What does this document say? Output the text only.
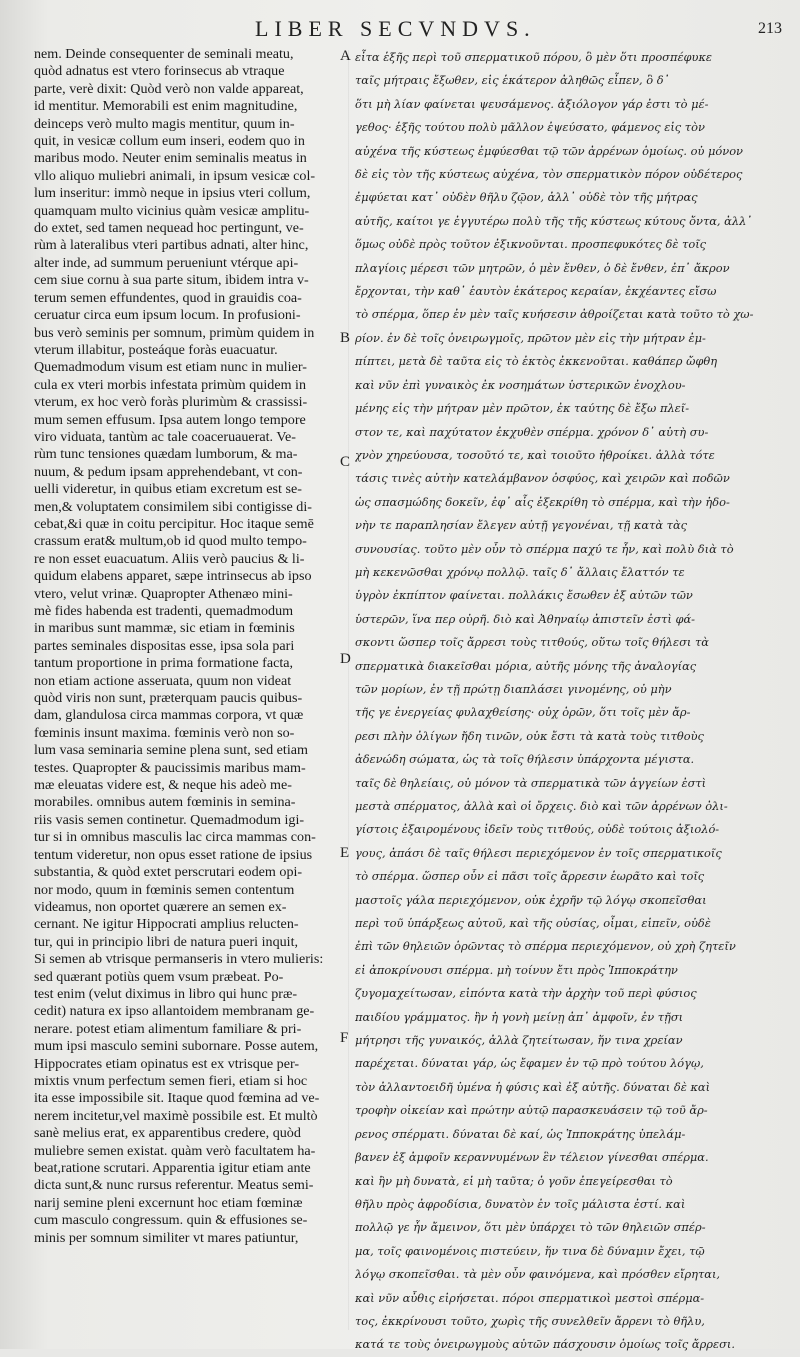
LIBER SECVNDVS.	213
nem. Deinde consequenter de seminali meatu,
quòd adnatus est vtero forinsecus ab vtraque
parte, verè dixit: Quòd verò non valde appareat,
id mentitur. Memorabili est enim magnitudine,
deinceps verò multo magis mentitur, quum in-
quit, in vesicæ collum eum inseri, eodem quo in
maribus modo. Neuter enim seminalis meatus in
vllo aliquo muliebri animali, in ipsum vesicæ col-
lum inseritur: immò neque in ipsius vteri collum,
quamquam multo vicinius quàm vesicæ amplitu-
do extet, sed tamen nequead hoc pertingunt, ve-
rùm à lateralibus vteri partibus adnati, alter hinc,
alter inde, ad summum perueniunt vtérque api-
cem siue cornu à sua parte situm, ibidem intra v-
terum semen effundentes, quod in grauidis coa-
ceruatur circa eum ipsum locum. In profusioni-
bus verò seminis per somnum, primùm quidem in
vterum illabitur, posteáque foràs euacuatur.
Quemadmodum visum est etiam nunc in mulier-
cula ex vteri morbis infestata primùm quidem in
vterum, ex hoc verò foràs plurimùm & crassissi-
mum semen effusum. Ipsa autem longo tempore
viro viduata, tantùm ac tale coaceruauerat. Ve-
rùm tunc tensiones quædam lumborum, & ma-
nuum, & pedum ipsam apprehendebant, vt con-
uelli videretur, in quibus etiam excretum est se-
men,& voluptatem consimilem sibi contigisse di-
cebat,&i quæ in coitu percipitur. Hoc itaque semē
crassum erat& multum,ob id quod multo tempo-
re non esset euacuatum. Aliis verò paucius & li-
quidum elabens apparet, sæpe intrinsecus ab ipso
vtero, velut vrinæ. Quapropter Athenæo mini-
mè fides habenda est tradenti, quemadmodum
in maribus sunt mammæ, sic etiam in fœminis
partes seminales dispositas esse, ipsa sola pari
tantum proportione in prima formatione facta,
non etiam actione asseruata, quum non videat
quòd viris non sunt, præterquam paucis quibus-
dam, glandulosa circa mammas corpora, vt quæ
fœminis insunt maxima. fœminis verò non so-
lum vasa seminaria semine plena sunt, sed etiam
testes. Quapropter & paucissimis maribus mam-
mæ eleuatas videre est, & neque his adeò me-
morabiles. omnibus autem fœminis in semina-
riis vasis semen continetur. Quemadmodum igi-
tur si in omnibus masculis lac circa mammas con-
tentum videretur, non opus esset ratione de ipsius
substantia, & quòd extet perscrutari eodem opi-
nor modo, quum in fœminis semen contentum
videamus, non oportet quærere an semen ex-
cernant. Ne igitur Hippocrati amplius relucten-
tur, qui in principio libri de natura pueri inquit,
Si semen ab vtrisque permanseris in vtero mulieris:
sed quærant potiùs quem vsum præbeat. Po-
test enim (velut diximus in libro qui hunc præ-
cedit) natura ex ipso allantoidem membranam ge-
nerare. potest etiam alimentum familiare & pri-
mum ipsi masculo semini subornare. Posse autem,
Hippocrates etiam opinatus est ex vtrisque per-
mixtis vnum perfectum semen fieri, etiam si hoc
ita esse impossibile sit. Itaque quod fœmina ad ve-
nerem incitetur,vel maximè possibile est. Et multò
sanè melius erat, ex apparentibus credere, quòd
muliebre semen existat. quàm verò facultatem ha-
beat,ratione scrutari. Apparentia igitur etiam ante
dicta sunt,& nunc rursus referentur. Meatus semi-
narij semine pleni excernunt hoc etiam fœminæ
cum masculo congressum. quin & effusiones se-
minis per somnum similiter vt mares patiuntur,
A
B
C
D
E
F
εἶτα ἑξῆς περὶ τοῦ σπερματικοῦ πόρου, ὃ μὲν ὅτι προσπέφυκε
ταῖς μήτραις ἔξωθεν, εἰς ἑκάτερον ἀληθῶς εἶπεν, ὃ δ᾿
ὅτι μὴ λίαν φαίνεται ψευσάμενος. ἀξιόλογον γάρ ἐστι τὸ μέ-
γεθος· ἑξῆς τούτου πολὺ μᾶλλον ἐψεύσατο, φάμενος εἰς τὸν
αὐχένα τῆς κύστεως ἐμφύεσθαι τῷ τῶν ἀρρένων ὁμοίως. οὐ μόνον
δὲ εἰς τὸν τῆς κύστεως αὐχένα, τὸν σπερματικὸν πόρον οὐδέτερος
ἐμφύεται κατ᾿ οὐδὲν θῆλυ ζῷον, ἀλλ᾿ οὐδὲ τὸν τῆς μήτρας
αὐτῆς, καίτοι γε ἐγγυτέρω πολὺ τῆς τῆς κύστεως κύτους ὄντα, ἀλλ᾿
ὅμως οὐδὲ πρὸς τοῦτον ἐξικνοῦνται. προσπεφυκότες δὲ τοῖς
πλαγίοις μέρεσι τῶν μητρῶν, ὁ μὲν ἔνθεν, ὁ δὲ ἔνθεν, ἐπ᾿ ἄκρον
ἔρχονται, τὴν καθ᾿ ἑαυτὸν ἑκάτερος κεραίαν, ἐκχέαντες εἴσω
τὸ σπέρμα, ὅπερ ἐν μὲν ταῖς κυήσεσιν ἀθροίζεται κατὰ τοῦτο τὸ χω-
ρίον. ἐν δὲ τοῖς ὀνειρωγμοῖς, πρῶτον μὲν εἰς τὴν μήτραν ἐμ-
πίπτει, μετὰ δὲ ταῦτα εἰς τὸ ἐκτὸς ἐκκενοῦται. καθάπερ ὤφθη
καὶ νῦν ἐπὶ γυναικὸς ἐκ νοσημάτων ὑστερικῶν ἐνοχλου-
μένης εἰς τὴν μήτραν μὲν πρῶτον, ἐκ ταύτης δὲ ἔξω πλεῖ-
στον τε, καὶ παχύτατον ἐκχυθὲν σπέρμα. χρόνον δ᾿ αὐτὴ συ-
χνὸν χηρεύουσα, τοσοῦτό τε, καὶ τοιοῦτο ἠθροίκει. ἀλλὰ τότε
τάσις τινὲς αὐτὴν κατελάμβανον ὀσφύος, καὶ χειρῶν καὶ ποδῶν
ὡς σπασμώδης δοκεῖν, ἐφ᾿ αἷς ἐξεκρίθη τὸ σπέρμα, καὶ τὴν ἡδο-
νὴν τε παραπλησίαν ἔλεγεν αὐτῇ γεγονέναι, τῇ κατὰ τὰς
συνουσίας. τοῦτο μὲν οὖν τὸ σπέρμα παχύ τε ἦν, καὶ πολὺ διὰ τὸ
μὴ κεκενῶσθαι χρόνῳ πολλῷ. ταῖς δ᾿ ἄλλαις ἔλαττόν τε
ὑγρὸν ἐκπίπτον φαίνεται. πολλάκις ἔσωθεν ἐξ αὐτῶν τῶν
ὑστερῶν, ἵνα περ οὐρῆ. διὸ καὶ Ἀθηναίῳ ἀπιστεῖν ἐστὶ φά-
σκοντι ὥσπερ τοῖς ἄρρεσι τοὺς τιτθούς, οὕτω τοῖς θήλεσι τὰ
σπερματικὰ διακεῖσθαι μόρια, αὐτῆς μόνης τῆς ἀναλογίας
τῶν μορίων, ἐν τῇ πρώτῃ διαπλάσει γινομένης, οὐ μὴν
τῆς γε ἐνεργείας φυλαχθείσης· οὐχ ὁρῶν, ὅτι τοῖς μὲν ἄρ-
ρεσι πλὴν ὀλίγων ἤδη τινῶν, οὐκ ἔστι τὰ κατὰ τοὺς τιτθοὺς
ἀδενώδη σώματα, ὡς τὰ τοῖς θήλεσιν ὑπάρχοντα μέγιστα.
ταῖς δὲ θηλείαις, οὐ μόνον τὰ σπερματικὰ τῶν ἀγγείων ἐστὶ
μεστὰ σπέρματος, ἀλλὰ καὶ οἱ ὄρχεις. διὸ καὶ τῶν ἀρρένων ὀλι-
γίστοις ἐξαιρομένους ἰδεῖν τοὺς τιτθούς, οὐδὲ τούτοις ἀξιολό-
γους, ἁπάσι δὲ ταῖς θήλεσι περιεχόμενον ἐν τοῖς σπερματικοῖς
τὸ σπέρμα. ὥσπερ οὖν εἰ πᾶσι τοῖς ἄρρεσιν ἑωρᾶτο καὶ τοῖς
μαστοῖς γάλα περιεχόμενον, οὐκ ἐχρῆν τῷ λόγῳ σκοπεῖσθαι
περὶ τοῦ ὑπάρξεως αὐτοῦ, καὶ τῆς οὐσίας, οἶμαι, εἰπεῖν, οὐδὲ
ἐπὶ τῶν θηλειῶν ὁρῶντας τὸ σπέρμα περιεχόμενον, οὐ χρὴ ζητεῖν
εἰ ἀποκρίνουσι σπέρμα. μὴ τοίνυν ἔτι πρὸς Ἱπποκράτην
ζυγομαχείτωσαν, εἰπόντα κατὰ τὴν ἀρχὴν τοῦ περὶ φύσιος
παιδίου γράμματος. ἢν ἡ γονὴ μείνῃ ἀπ᾿ ἀμφοῖν, ἐν τῇσι
μήτρησι τῆς γυναικός, ἀλλὰ ζητείτωσαν, ἥν τινα χρείαν
παρέχεται. δύναται γάρ, ὡς ἔφαμεν ἐν τῷ πρὸ τούτου λόγῳ,
τὸν ἀλλαντοειδῆ ὑμένα ἡ φύσις καὶ ἐξ αὐτῆς. δύναται δὲ καὶ
τροφὴν οἰκείαν καὶ πρώτην αὐτῷ παρασκευάσειν τῷ τοῦ ἄρ-
ρενος σπέρματι. δύναται δὲ καί, ὡς Ἱπποκράτης ὑπελάμ-
βανεν ἐξ ἀμφοῖν κεραννυμένων ἓν τέλειον γίνεσθαι σπέρμα.
καὶ ἢν μὴ δυνατὰ, εἰ μὴ ταῦτα; ὁ γοῦν ἐπεγείρεσθαι τὸ
θῆλυ πρὸς ἀφροδίσια, δυνατὸν ἐν τοῖς μάλιστα ἐστί. καὶ
πολλῷ γε ἦν ἄμεινον, ὅτι μὲν ὑπάρχει τὸ τῶν θηλειῶν σπέρ-
μα, τοῖς φαινομένοις πιστεύειν, ἥν τινα δὲ δύναμιν ἔχει, τῷ
λόγῳ σκοπεῖσθαι. τὰ μὲν οὖν φαινόμενα, καὶ πρόσθεν εἴρηται,
καὶ νῦν αὖθις εἰρήσεται. πόροι σπερματικοὶ μεστοὶ σπέρμα-
τος, ἐκκρίνουσι τοῦτο, χωρὶς τῆς συνελθεῖν ἄρρενι τὸ θῆλυ,
κατά τε τοὺς ὀνειρωγμοὺς αὐτῶν πάσχουσιν ὁμοίως τοῖς ἄρρεσι.
